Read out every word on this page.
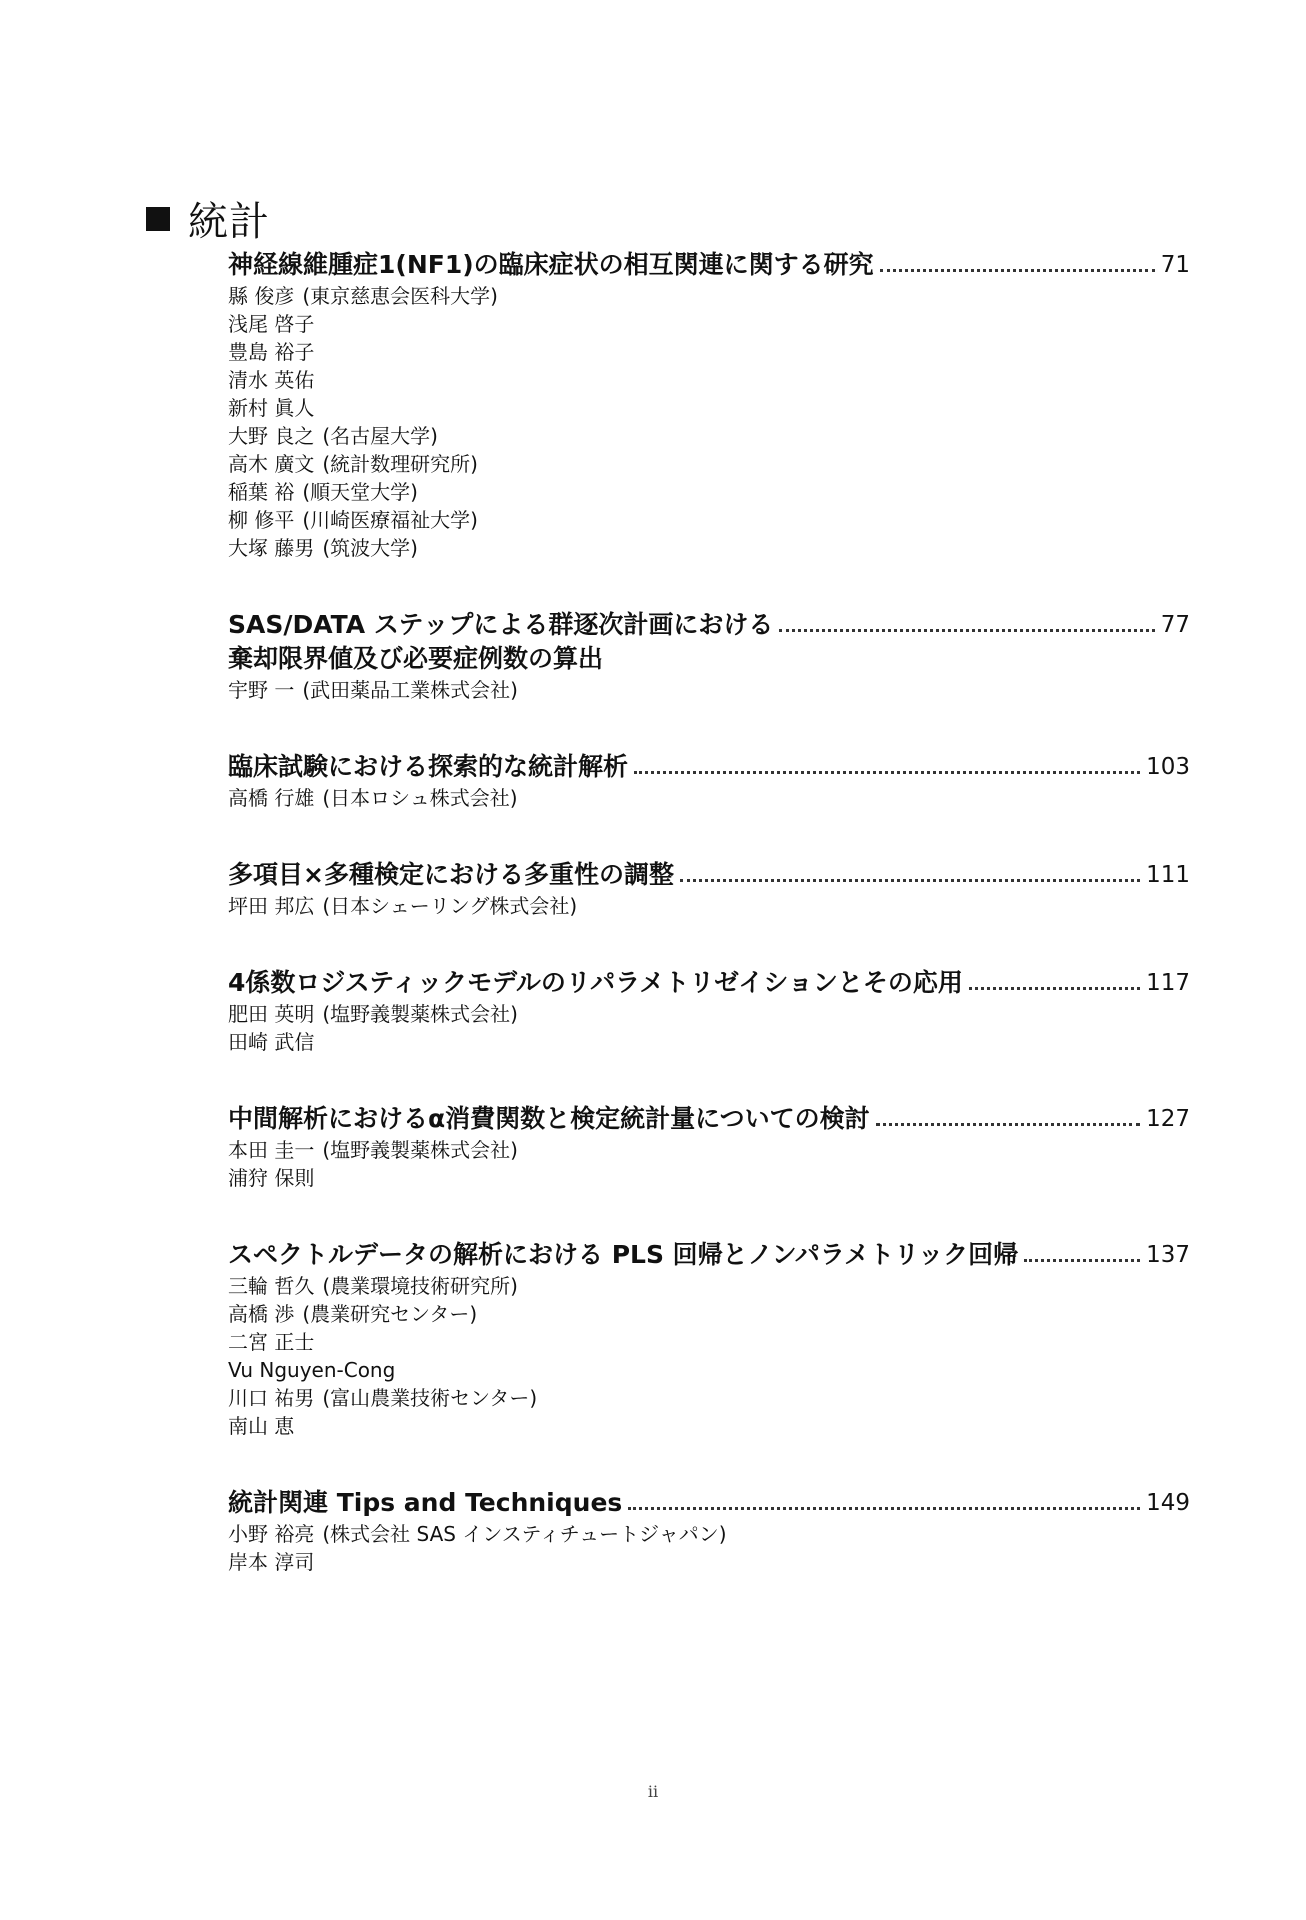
統計
神経線維腫症1(NF1)の臨床症状の相互関連に関する研究	71
縣 俊彦 (東京慈恵会医科大学)
浅尾 啓子
豊島 裕子
清水 英佑
新村 眞人
大野 良之 (名古屋大学)
高木 廣文 (統計数理研究所)
稲葉 裕 (順天堂大学)
柳 修平 (川崎医療福祉大学)
大塚 藤男 (筑波大学)
SAS/DATA ステップによる群逐次計画における	77
棄却限界値及び必要症例数の算出
宇野 一 (武田薬品工業株式会社)
臨床試験における探索的な統計解析	103
高橋 行雄 (日本ロシュ株式会社)
多項目×多種検定における多重性の調整	111
坪田 邦広 (日本シェーリング株式会社)
4係数ロジスティックモデルのリパラメトリゼイションとその応用	117
肥田 英明 (塩野義製薬株式会社)
田崎 武信
中間解析におけるα消費関数と検定統計量についての検討	127
本田 圭一 (塩野義製薬株式会社)
浦狩 保則
スペクトルデータの解析における PLS 回帰とノンパラメトリック回帰	137
三輪 哲久 (農業環境技術研究所)
高橋 渉 (農業研究センター)
二宮 正士
Vu Nguyen-Cong
川口 祐男 (富山農業技術センター)
南山 恵
統計関連 Tips and Techniques	149
小野 裕亮 (株式会社 SAS インスティチュートジャパン)
岸本 淳司
ii
